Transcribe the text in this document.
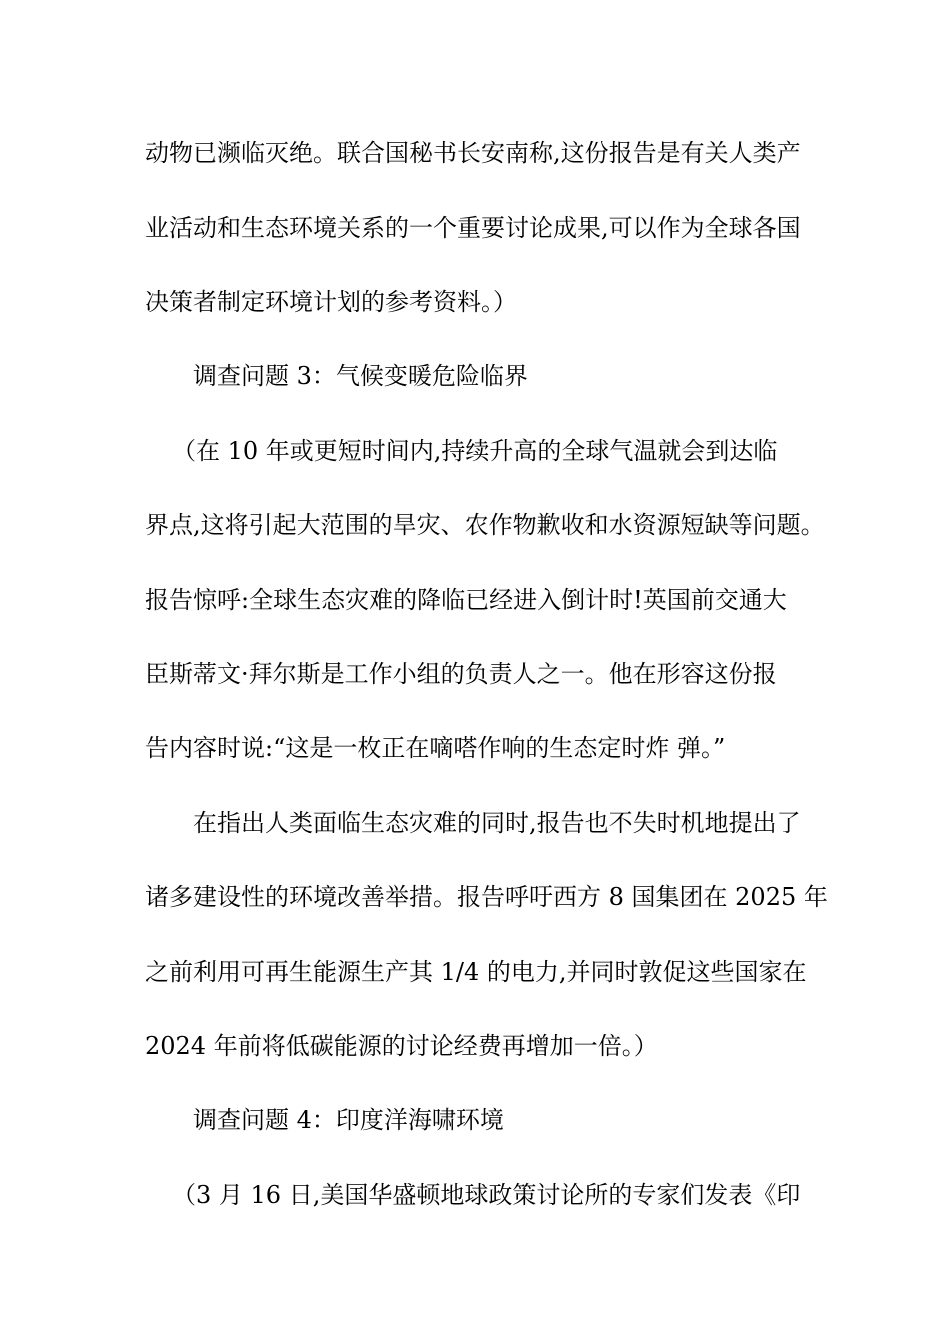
动物已濒临灭绝。联合国秘书长安南称,这份报告是有关人类产
业活动和生态环境关系的一个重要讨论成果,可以作为全球各国
决策者制定环境计划的参考资料。）
调查问题 3：气候变暖危险临界
（在 10 年或更短时间内,持续升高的全球气温就会到达临
界点,这将引起大范围的旱灾、农作物歉收和水资源短缺等问题。
报告惊呼:全球生态灾难的降临已经进入倒计时!英国前交通大
臣斯蒂文·拜尔斯是工作小组的负责人之一。他在形容这份报
告内容时说:“这是一枚正在嘀嗒作响的生态定时炸 弹。”
在指出人类面临生态灾难的同时,报告也不失时机地提出了
诸多建设性的环境改善举措。报告呼吁西方 8 国集团在 2025 年
之前利用可再生能源生产其 1/4 的电力,并同时敦促这些国家在
2024 年前将低碳能源的讨论经费再增加一倍。）
调查问题 4：印度洋海啸环境
（3 月 16 日,美国华盛顿地球政策讨论所的专家们发表《印
